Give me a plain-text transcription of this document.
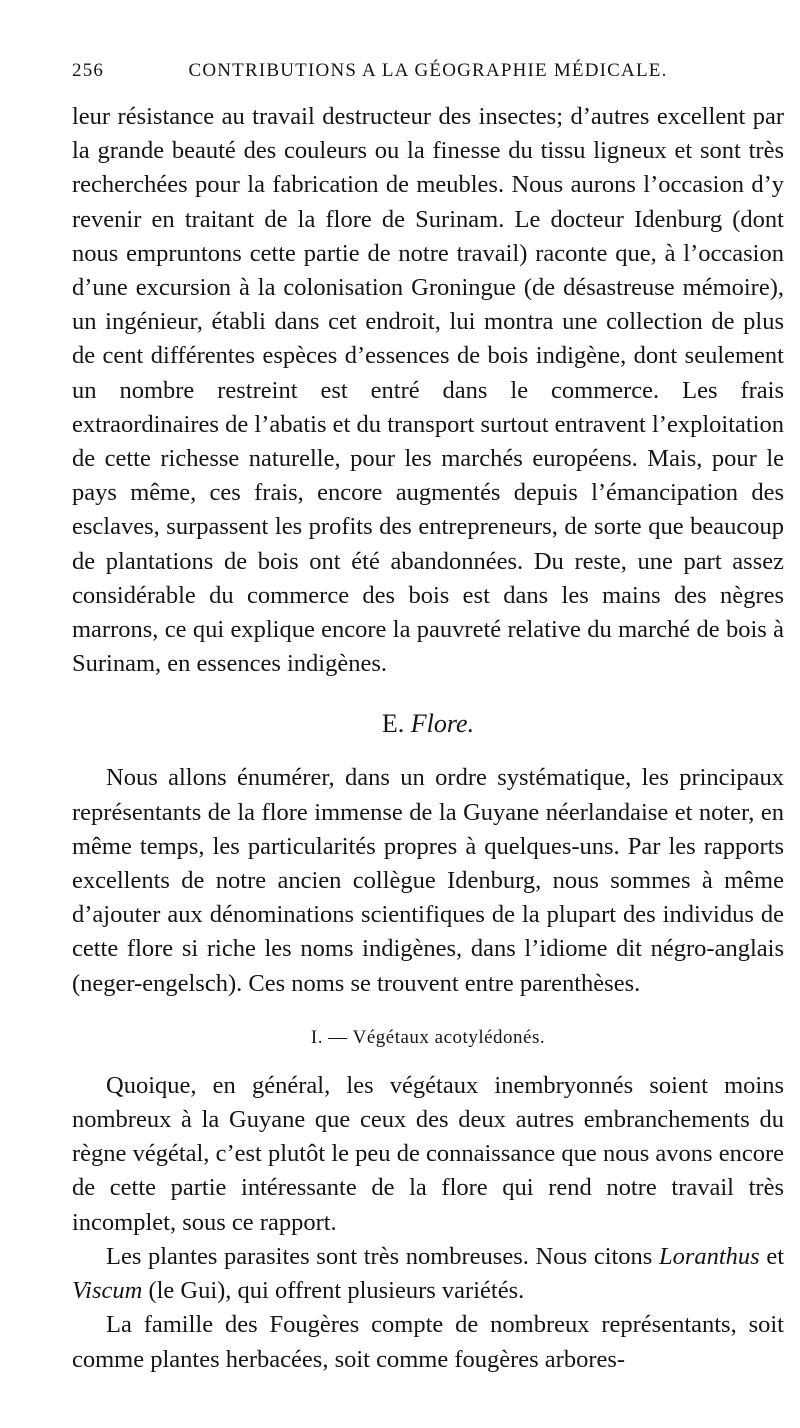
256	CONTRIBUTIONS A LA GÉOGRAPHIE MÉDICALE.

leur résistance au travail destructeur des insectes; d’autres excellent par la grande beauté des couleurs ou la finesse du tissu ligneux et sont très recherchées pour la fabrication de meubles. Nous aurons l’occasion d’y revenir en traitant de la flore de Surinam. Le docteur Idenburg (dont nous empruntons cette partie de notre travail) raconte que, à l’occasion d’une excursion à la colonisation Groningue (de désastreuse mémoire), un ingénieur, établi dans cet endroit, lui montra une collection de plus de cent différentes espèces d’essences de bois indigène, dont seulement un nombre restreint est entré dans le commerce. Les frais extraordinaires de l’abatis et du transport surtout entravent l’exploitation de cette richesse naturelle, pour les marchés européens. Mais, pour le pays même, ces frais, encore augmentés depuis l’émancipation des esclaves, surpassent les profits des entrepreneurs, de sorte que beaucoup de plantations de bois ont été abandonnées. Du reste, une part assez considérable du commerce des bois est dans les mains des nègres marrons, ce qui explique encore la pauvreté relative du marché de bois à Surinam, en essences indigènes.

E. Flore.

Nous allons énumérer, dans un ordre systématique, les principaux représentants de la flore immense de la Guyane néerlandaise et noter, en même temps, les particularités propres à quelques-uns. Par les rapports excellents de notre ancien collègue Idenburg, nous sommes à même d’ajouter aux dénominations scientifiques de la plupart des individus de cette flore si riche les noms indigènes, dans l’idiome dit négro-anglais (neger-engelsch). Ces noms se trouvent entre parenthèses.

I. — Végétaux acotylédonés.

Quoique, en général, les végétaux inembryonnés soient moins nombreux à la Guyane que ceux des deux autres embranchements du règne végétal, c’est plutôt le peu de connaissance que nous avons encore de cette partie intéressante de la flore qui rend notre travail très incomplet, sous ce rapport.

Les plantes parasites sont très nombreuses. Nous citons Loranthus et Viscum (le Gui), qui offrent plusieurs variétés.

La famille des Fougères compte de nombreux représentants, soit comme plantes herbacées, soit comme fougères arbores-
